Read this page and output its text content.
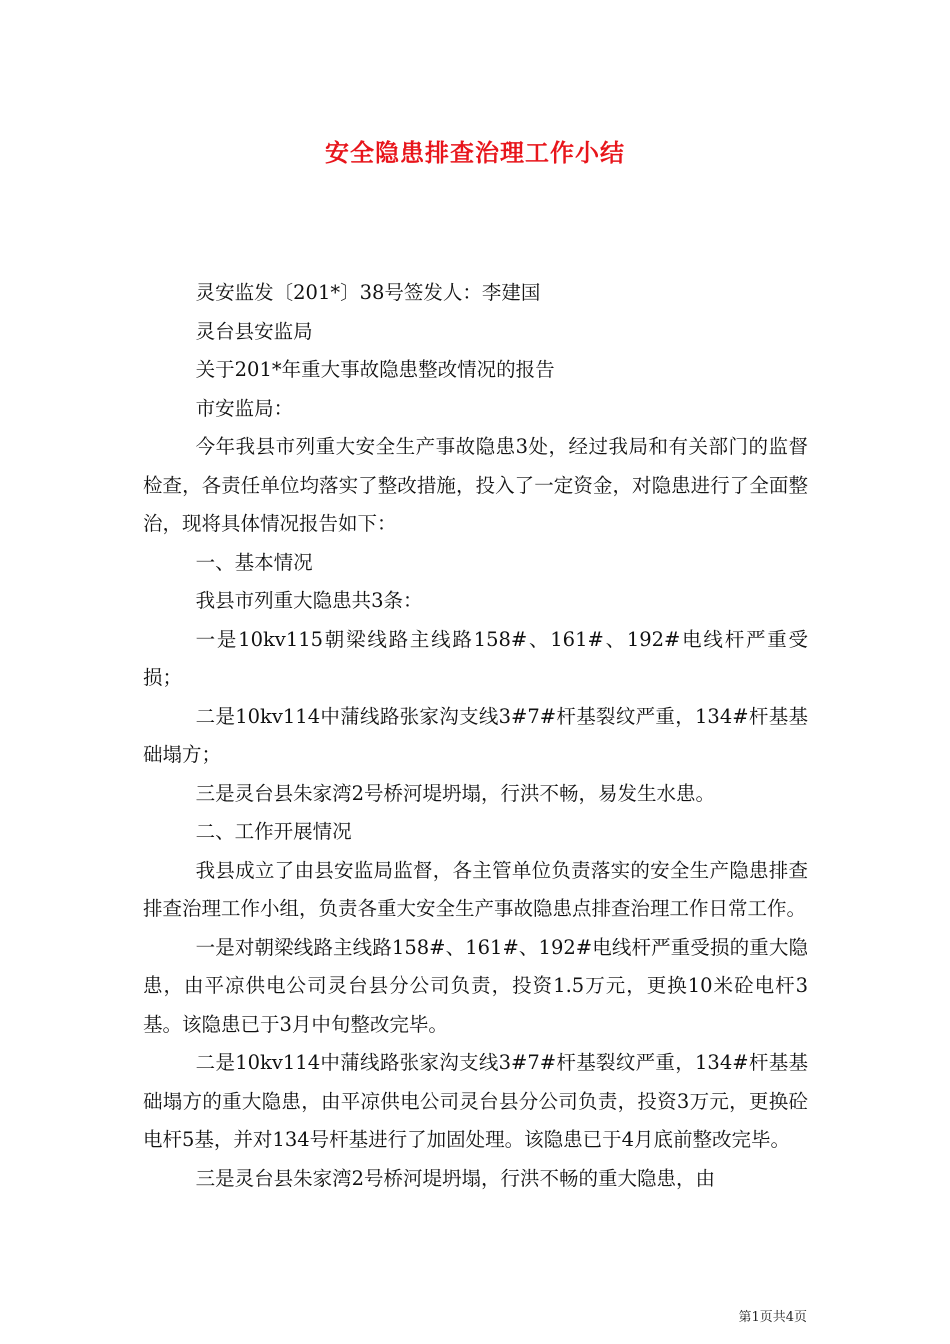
安全隐患排查治理工作小结

灵安监发〔201*〕38号签发人：李建国

灵台县安监局

关于201*年重大事故隐患整改情况的报告

市安监局：

今年我县市列重大安全生产事故隐患3处，经过我局和有关部门的监督检查，各责任单位均落实了整改措施，投入了一定资金，对隐患进行了全面整治，现将具体情况报告如下：

一、基本情况

我县市列重大隐患共3条：

一是10kv115朝梁线路主线路158#、161#、192#电线杆严重受损；

二是10kv114中蒲线路张家沟支线3#7#杆基裂纹严重，134#杆基基础塌方；

三是灵台县朱家湾2号桥河堤坍塌，行洪不畅，易发生水患。

二、工作开展情况

我县成立了由县安监局监督，各主管单位负责落实的安全生产隐患排查排查治理工作小组，负责各重大安全生产事故隐患点排查治理工作日常工作。

一是对朝梁线路主线路158#、161#、192#电线杆严重受损的重大隐患，由平凉供电公司灵台县分公司负责，投资1.5万元，更换10米砼电杆3基。该隐患已于3月中旬整改完毕。

二是10kv114中蒲线路张家沟支线3#7#杆基裂纹严重，134#杆基基础塌方的重大隐患，由平凉供电公司灵台县分公司负责，投资3万元，更换砼电杆5基，并对134号杆基进行了加固处理。该隐患已于4月底前整改完毕。

三是灵台县朱家湾2号桥河堤坍塌，行洪不畅的重大隐患，由

第1页共4页
